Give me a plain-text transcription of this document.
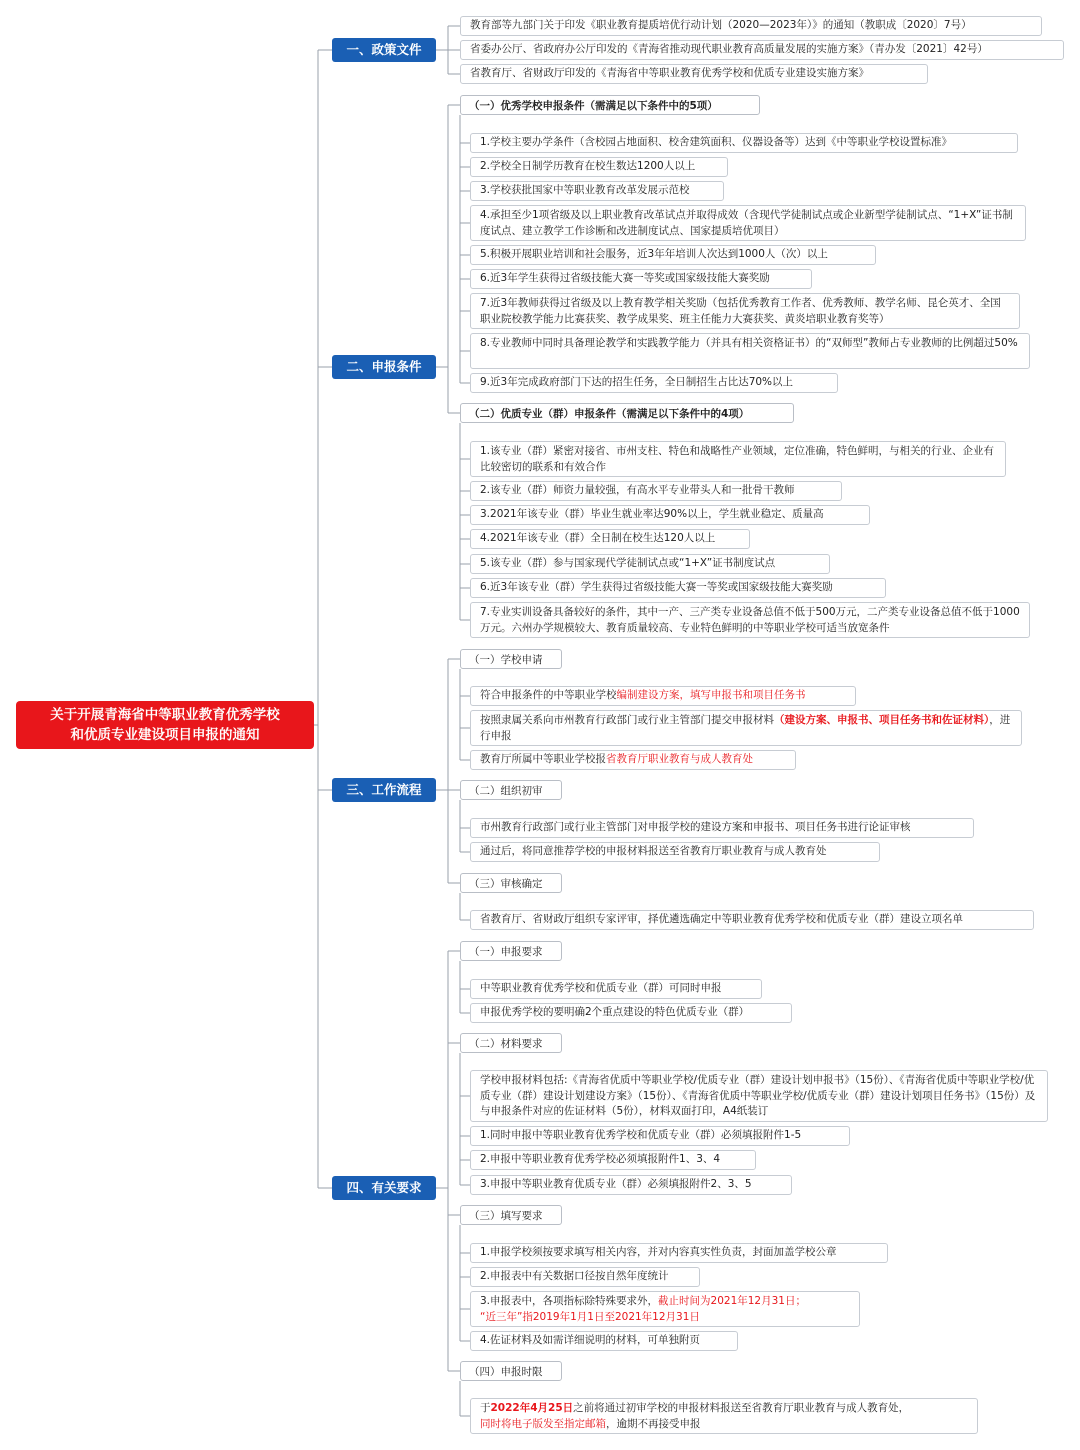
关于开展青海省中等职业教育优秀学校
和优质专业建设项目申报的通知
一、政策文件
二、申报条件
三、工作流程
四、有关要求
教育部等九部门关于印发《职业教育提质培优行动计划（2020—2023年）》的通知（教职成〔2020〕7号）
省委办公厅、省政府办公厅印发的《青海省推动现代职业教育高质量发展的实施方案》（青办发〔2021〕42号）
省教育厅、省财政厅印发的《青海省中等职业教育优秀学校和优质专业建设实施方案》
（一）优秀学校申报条件（需满足以下条件中的5项）
1.学校主要办学条件（含校园占地面积、校舍建筑面积、仪器设备等）达到《中等职业学校设置标准》
2.学校全日制学历教育在校生数达1200人以上
3.学校获批国家中等职业教育改革发展示范校
4.承担至少1项省级及以上职业教育改革试点并取得成效（含现代学徒制试点或企业新型学徒制试点、“1+X”证书制度试点、建立教学工作诊断和改进制度试点、国家提质培优项目）
5.积极开展职业培训和社会服务，近3年年培训人次达到1000人（次）以上
6.近3年学生获得过省级技能大赛一等奖或国家级技能大赛奖励
7.近3年教师获得过省级及以上教育教学相关奖励（包括优秀教育工作者、优秀教师、教学名师、昆仑英才、全国职业院校教学能力比赛获奖、教学成果奖、班主任能力大赛获奖、黄炎培职业教育奖等）
8.专业教师中同时具备理论教学和实践教学能力（并具有相关资格证书）的“双师型”教师占专业教师的比例超过50%
9.近3年完成政府部门下达的招生任务，全日制招生占比达70%以上
（二）优质专业（群）申报条件（需满足以下条件中的4项）
1.该专业（群）紧密对接省、市州支柱、特色和战略性产业领域，定位准确，特色鲜明，与相关的行业、企业有比较密切的联系和有效合作
2.该专业（群）师资力量较强，有高水平专业带头人和一批骨干教师
3.2021年该专业（群）毕业生就业率达90%以上，学生就业稳定、质量高
4.2021年该专业（群）全日制在校生达120人以上
5.该专业（群）参与国家现代学徒制试点或“1+X”证书制度试点
6.近3年该专业（群）学生获得过省级技能大赛一等奖或国家级技能大赛奖励
7.专业实训设备具备较好的条件，其中一产、三产类专业设备总值不低于500万元，二产类专业设备总值不低于1000万元。六州办学规模较大、教育质量较高、专业特色鲜明的中等职业学校可适当放宽条件
（一）学校申请
符合申报条件的中等职业学校编制建设方案，填写申报书和项目任务书
按照隶属关系向市州教育行政部门或行业主管部门提交申报材料（建设方案、申报书、项目任务书和佐证材料），进行申报
教育厅所属中等职业学校报省教育厅职业教育与成人教育处
（二）组织初审
市州教育行政部门或行业主管部门对申报学校的建设方案和申报书、项目任务书进行论证审核
通过后，将同意推荐学校的申报材料报送至省教育厅职业教育与成人教育处
（三）审核确定
省教育厅、省财政厅组织专家评审，择优遴选确定中等职业教育优秀学校和优质专业（群）建设立项名单
（一）申报要求
中等职业教育优秀学校和优质专业（群）可同时申报
申报优秀学校的要明确2个重点建设的特色优质专业（群）
（二）材料要求
学校申报材料包括:《青海省优质中等职业学校/优质专业（群）建设计划申报书》（15份）、《青海省优质中等职业学校/优质专业（群）建设计划建设方案》（15份）、《青海省优质中等职业学校/优质专业（群）建设计划项目任务书》（15份）及与申报条件对应的佐证材料（5份），材料双面打印，A4纸装订
1.同时申报中等职业教育优秀学校和优质专业（群）必须填报附件1-5
2.申报中等职业教育优秀学校必须填报附件1、3、4
3.申报中等职业教育优质专业（群）必须填报附件2、3、5
（三）填写要求
1.申报学校须按要求填写相关内容，并对内容真实性负责，封面加盖学校公章
2.申报表中有关数据口径按自然年度统计
3.申报表中，各项指标除特殊要求外，截止时间为2021年12月31日；
“近三年”指2019年1月1日至2021年12月31日
4.佐证材料及如需详细说明的材料，可单独附页
（四）申报时限
于2022年4月25日之前将通过初审学校的申报材料报送至省教育厅职业教育与成人教育处，
同时将电子版发至指定邮箱，逾期不再接受申报
